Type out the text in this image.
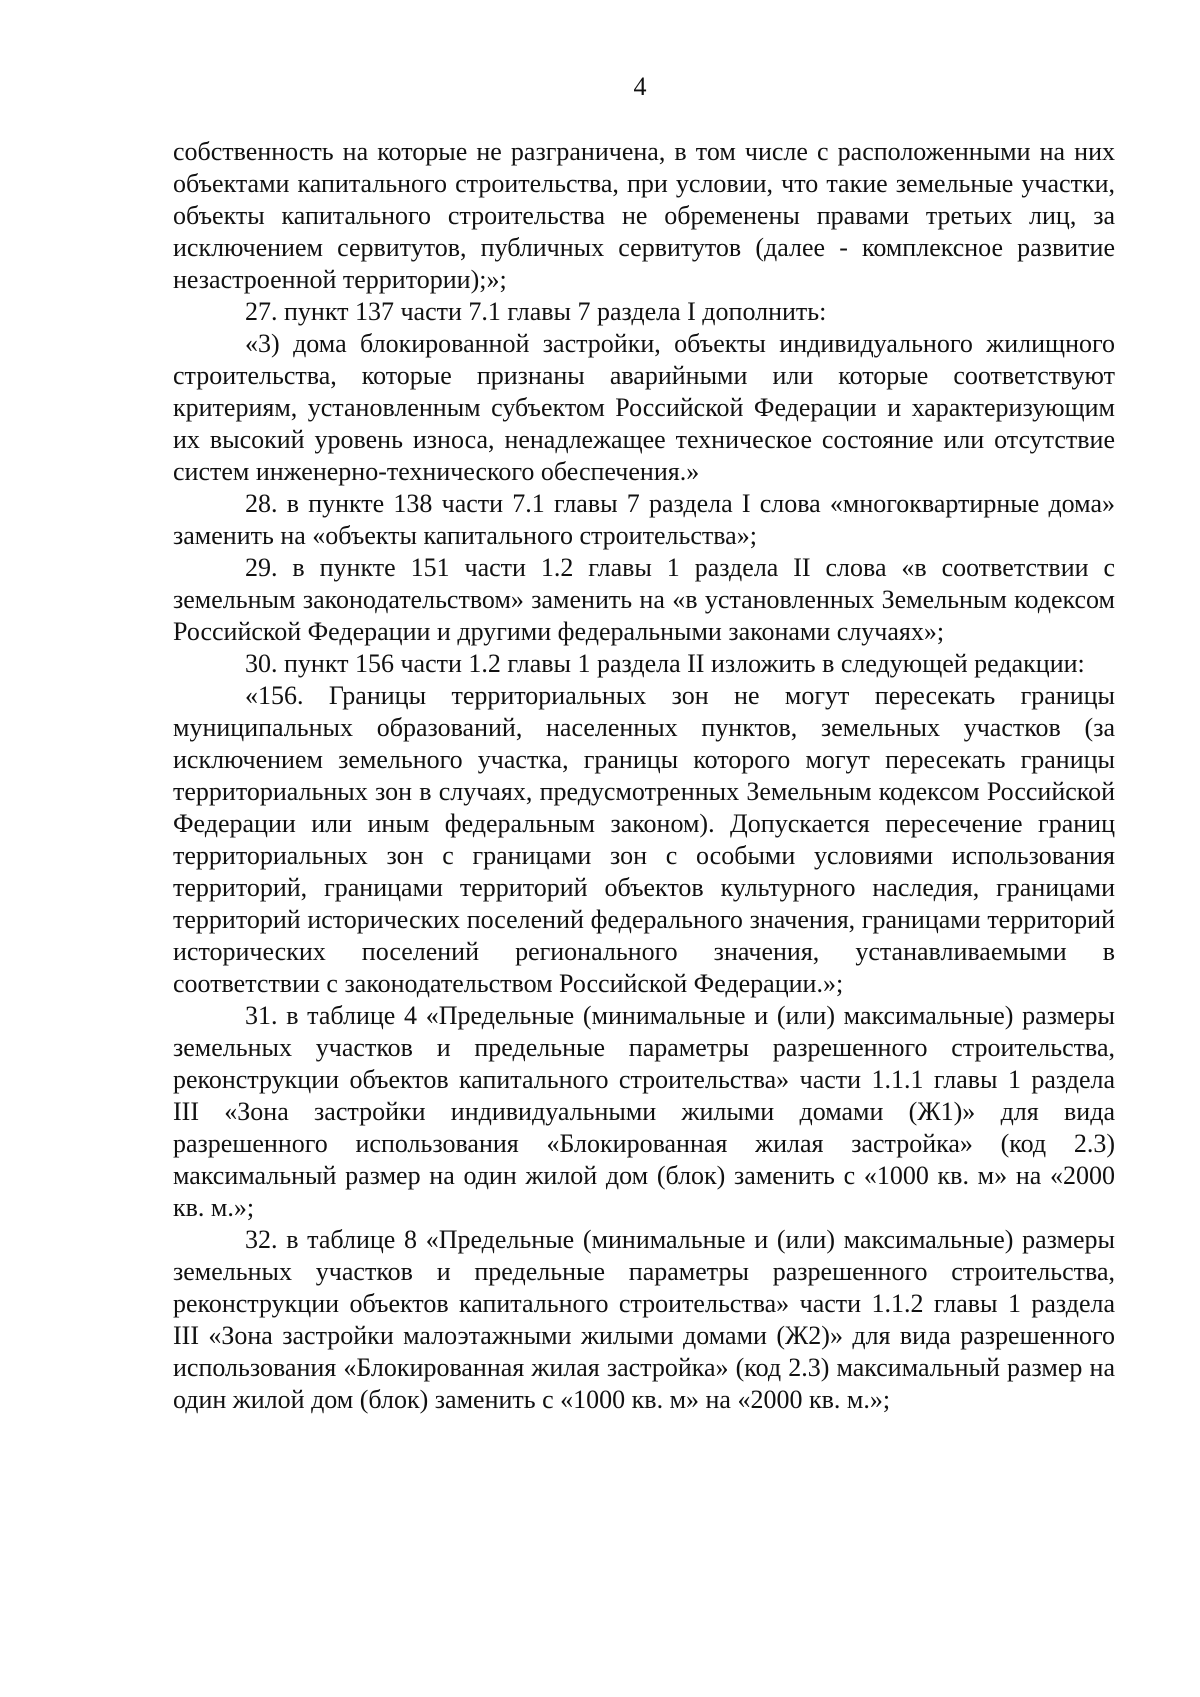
4

собственность на которые не разграничена, в том числе с расположенными на них объектами капитального строительства, при условии, что такие земельные участки, объекты капитального строительства не обременены правами третьих лиц, за исключением сервитутов, публичных сервитутов (далее - комплексное развитие незастроенной территории);»;

27. пункт 137 части 7.1 главы 7 раздела I дополнить:

«3) дома блокированной застройки, объекты индивидуального жилищного строительства, которые признаны аварийными или которые соответствуют критериям, установленным субъектом Российской Федерации и характеризующим их высокий уровень износа, ненадлежащее техническое состояние или отсутствие систем инженерно-технического обеспечения.»

28. в пункте 138 части 7.1 главы 7 раздела I слова «многоквартирные дома» заменить на «объекты капитального строительства»;

29. в пункте 151 части 1.2 главы 1 раздела II слова «в соответствии с земельным законодательством» заменить на «в установленных Земельным кодексом Российской Федерации и другими федеральными законами случаях»;

30. пункт 156 части 1.2 главы 1 раздела II изложить в следующей редакции:

«156. Границы территориальных зон не могут пересекать границы муниципальных образований, населенных пунктов, земельных участков (за исключением земельного участка, границы которого могут пересекать границы территориальных зон в случаях, предусмотренных Земельным кодексом Российской Федерации или иным федеральным законом). Допускается пересечение границ территориальных зон с границами зон с особыми условиями использования территорий, границами территорий объектов культурного наследия, границами территорий исторических поселений федерального значения, границами территорий исторических поселений регионального значения, устанавливаемыми в соответствии с законодательством Российской Федерации.»;

31. в таблице 4 «Предельные (минимальные и (или) максимальные) размеры земельных участков и предельные параметры разрешенного строительства, реконструкции объектов капитального строительства» части 1.1.1 главы 1 раздела III «Зона застройки индивидуальными жилыми домами (Ж1)» для вида разрешенного использования «Блокированная жилая застройка» (код 2.3) максимальный размер на один жилой дом (блок) заменить с «1000 кв. м» на «2000 кв. м.»;

32. в таблице 8 «Предельные (минимальные и (или) максимальные) размеры земельных участков и предельные параметры разрешенного строительства, реконструкции объектов капитального строительства» части 1.1.2 главы 1 раздела III «Зона застройки малоэтажными жилыми домами (Ж2)» для вида разрешенного использования «Блокированная жилая застройка» (код 2.3) максимальный размер на один жилой дом (блок) заменить с «1000 кв. м» на «2000 кв. м.»;
